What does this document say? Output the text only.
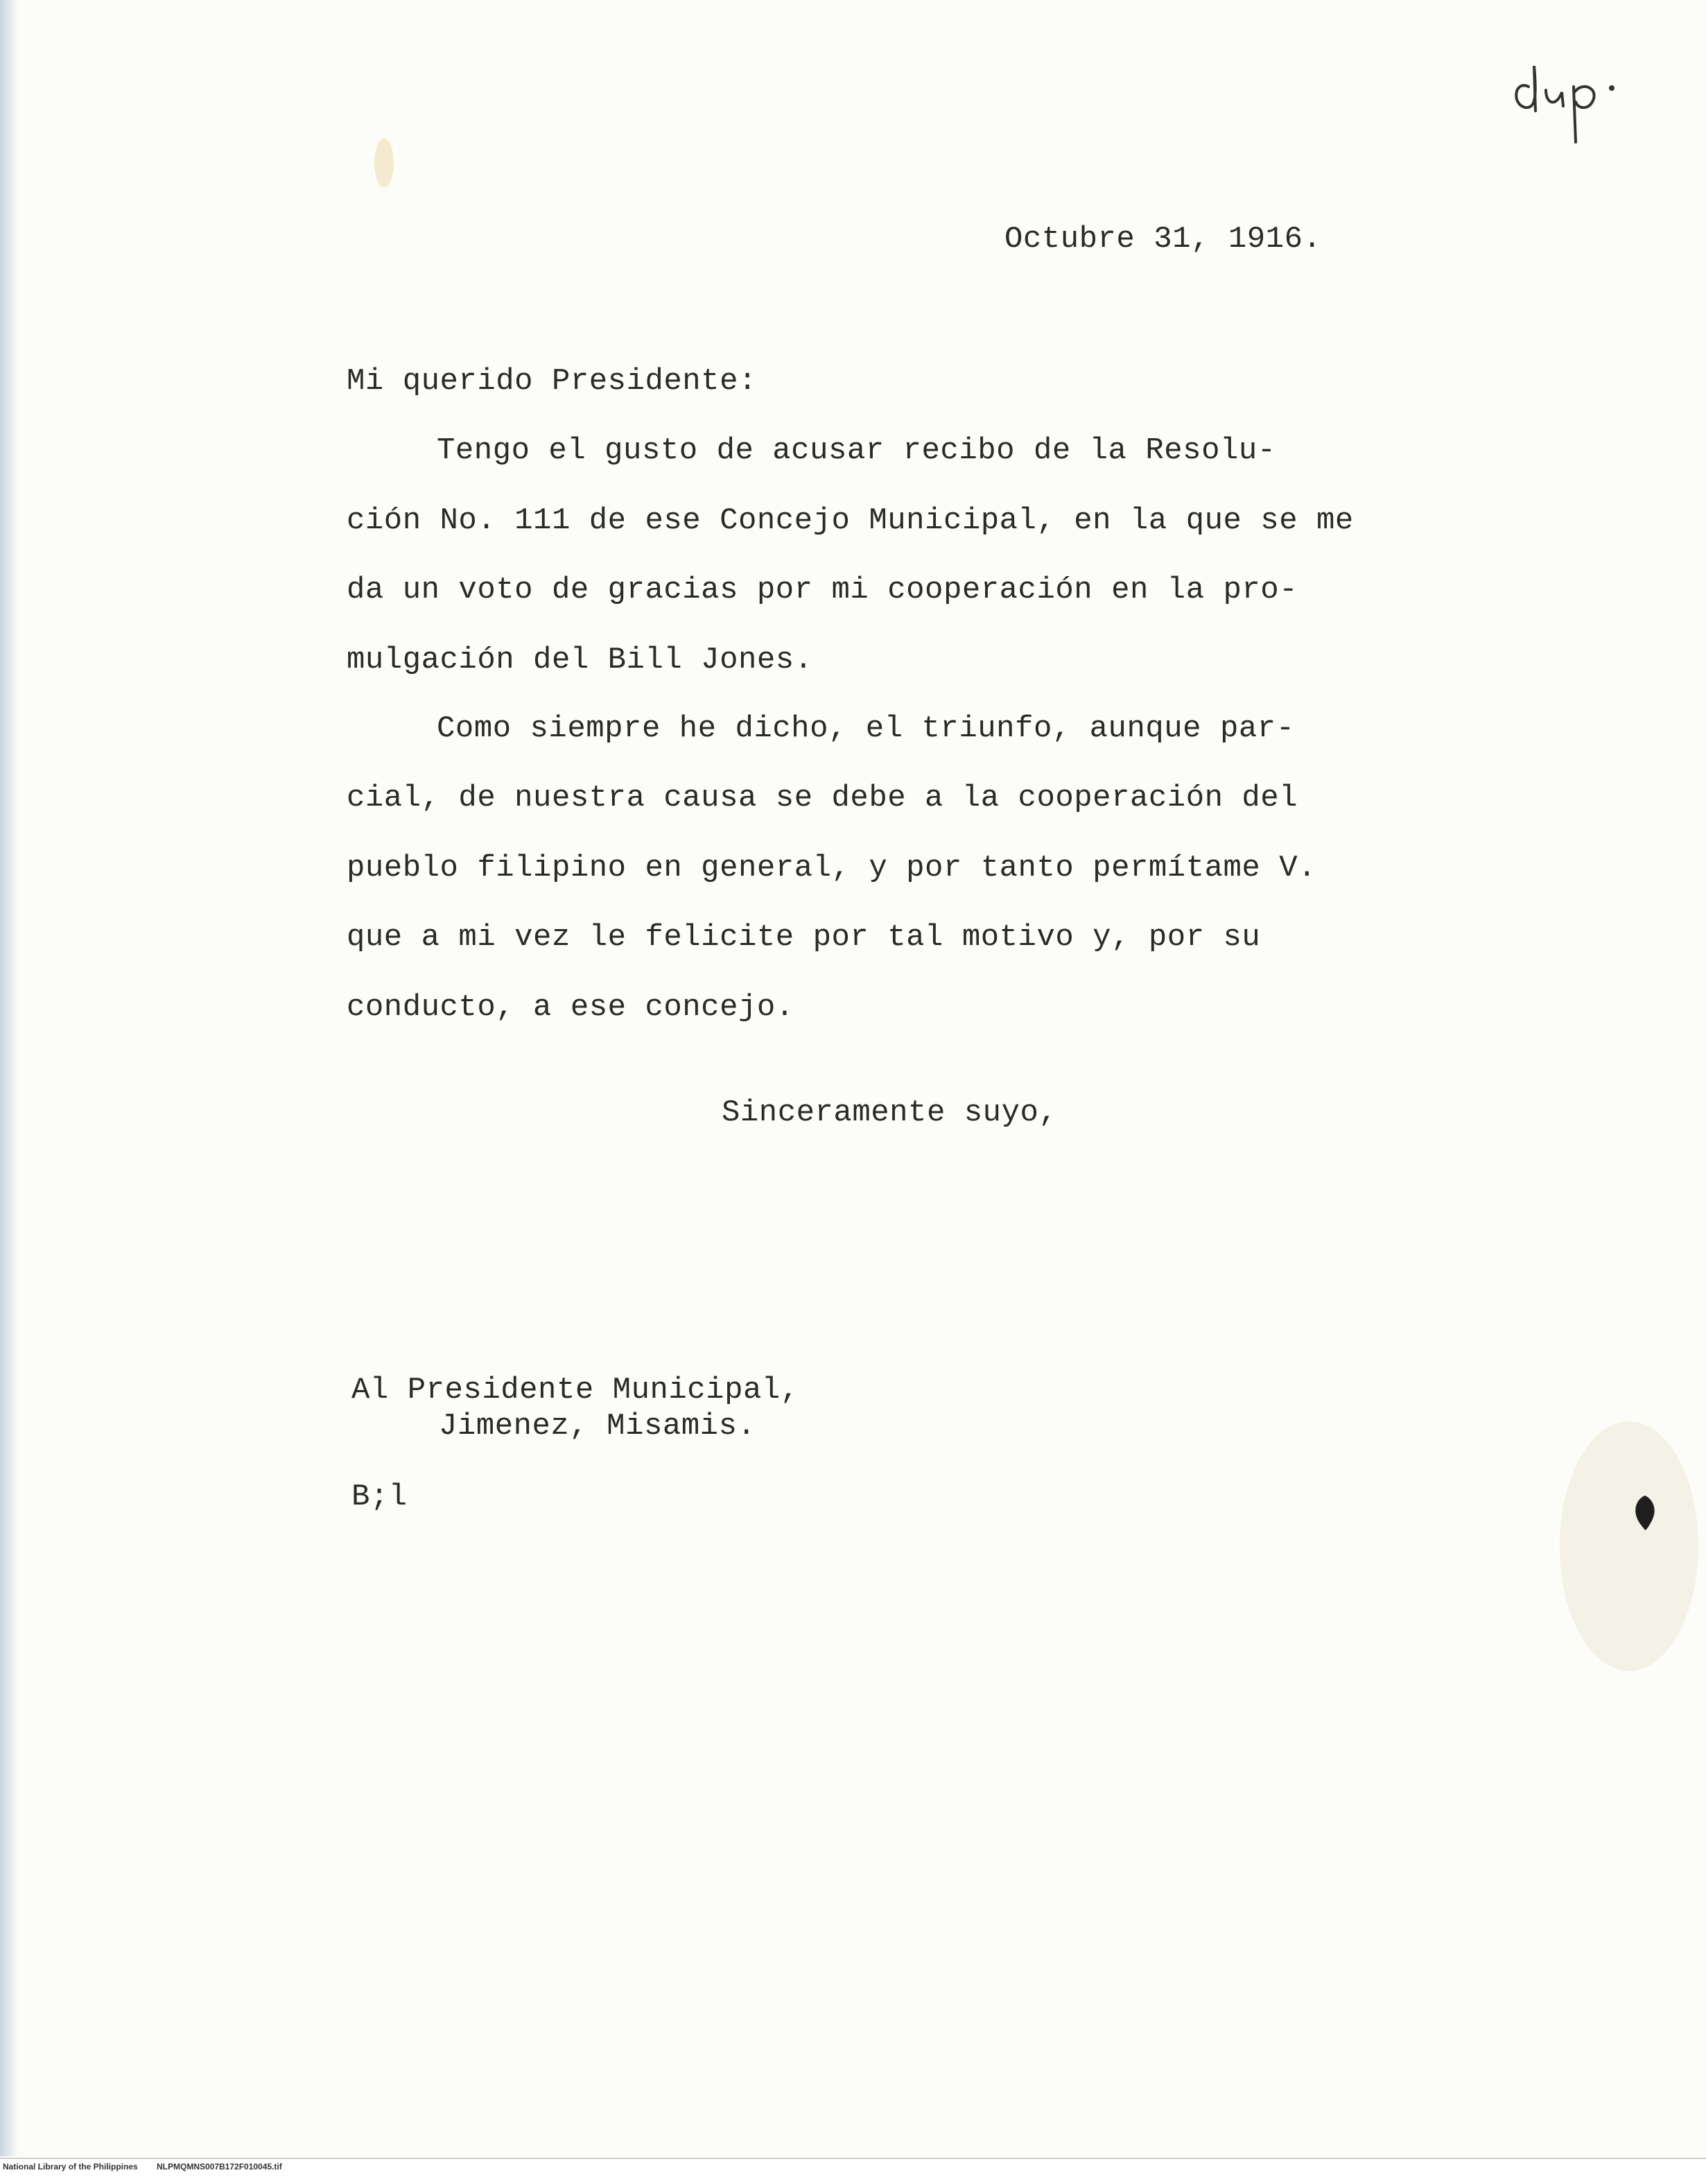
Octubre 31, 1916.
Mi querido Presidente:
Tengo el gusto de acusar recibo de la Resolu-
ción No. 111 de ese Concejo Municipal, en la que se me
da un voto de gracias por mi cooperación en la pro-
mulgación del Bill Jones.
Como siempre he dicho, el triunfo, aunque par-
cial, de nuestra causa se debe a la cooperación del
pueblo filipino en general, y por tanto permítame V.
que a mi vez le felicite por tal motivo y, por su
conducto, a ese concejo.
Sinceramente suyo,
Al Presidente Municipal,
Jimenez, Misamis.
B;l
National Library of the Philippines NLPMQMNS007B172F010045.tif
